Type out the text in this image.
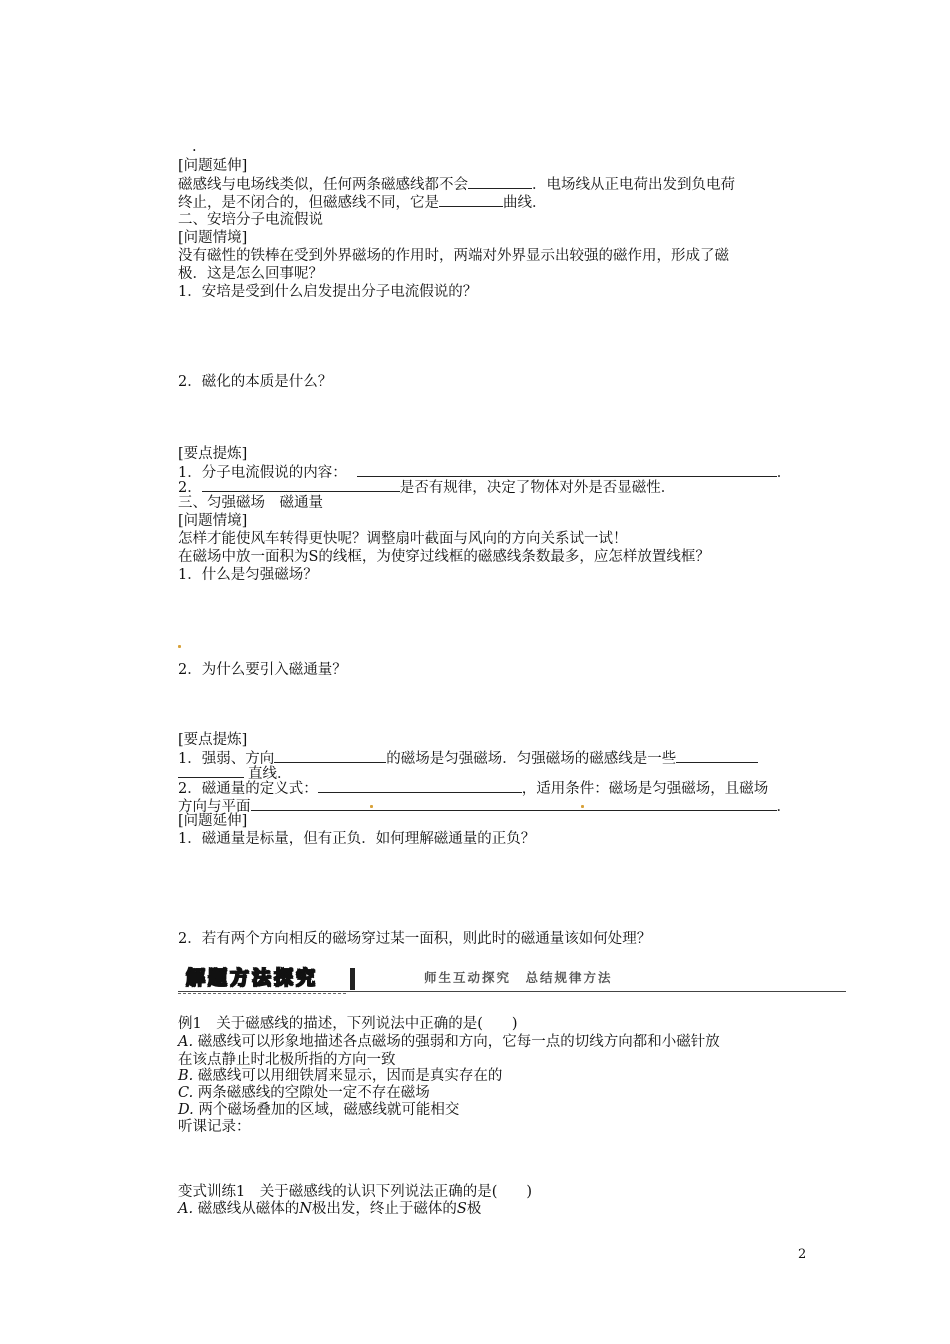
.

[问题延伸]

磁感线与电场线类似，任何两条磁感线都不会	．电场线从正电荷出发到负电荷

终止，是不闭合的，但磁感线不同，它是	曲线．

二、安培分子电流假说

[问题情境]

没有磁性的铁棒在受到外界磁场的作用时，两端对外界显示出较强的磁作用，形成了磁

极．这是怎么回事呢？

1．安培是受到什么启发提出分子电流假说的？

2．磁化的本质是什么？

[要点提炼]

1．分子电流假说的内容：	．

2．	是否有规律，决定了物体对外是否显磁性．

三、匀强磁场　磁通量

[问题情境]

怎样才能使风车转得更快呢？调整扇叶截面与风向的方向关系试一试！

在磁场中放一面积为S的线框，为使穿过线框的磁感线条数最多，应怎样放置线框？

1．什么是匀强磁场？

2．为什么要引入磁通量？

[要点提炼]

1．强弱、方向	的磁场是匀强磁场．匀强磁场的磁感线是一些

直线．

2．磁通量的定义式：	，适用条件：磁场是匀强磁场，且磁场

方向与平面	．

[问题延伸]

1．磁通量是标量，但有正负．如何理解磁通量的正负？

2．若有两个方向相反的磁场穿过某一面积，则此时的磁通量该如何处理？

解题方法探究	师生互动探究　总结规律方法

例1　关于磁感线的描述，下列说法中正确的是(　　)

A. 磁感线可以形象地描述各点磁场的强弱和方向，它每一点的切线方向都和小磁针放

在该点静止时北极所指的方向一致

B. 磁感线可以用细铁屑来显示，因而是真实存在的

C. 两条磁感线的空隙处一定不存在磁场

D. 两个磁场叠加的区域，磁感线就可能相交

听课记录：

变式训练1　关于磁感线的认识下列说法正确的是(　　)

A. 磁感线从磁体的N极出发，终止于磁体的S极

2
